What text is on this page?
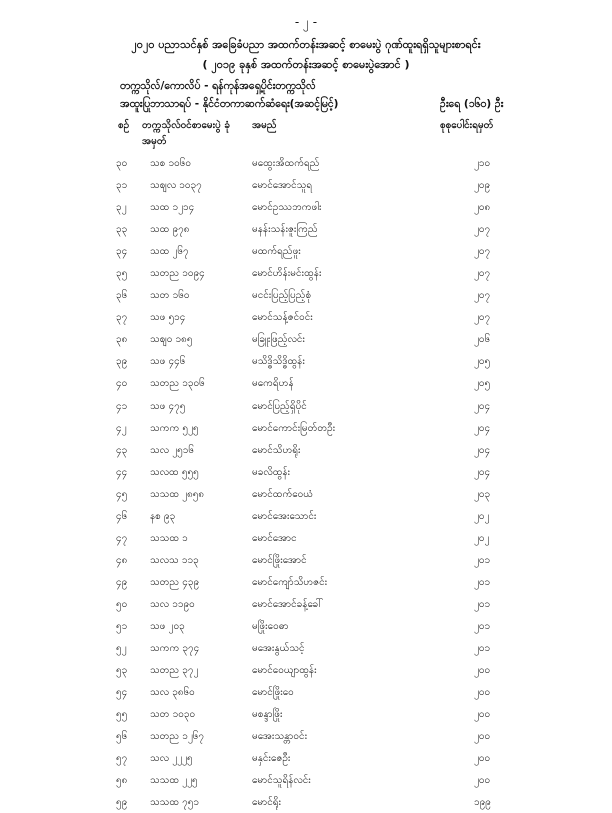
- ၂ -
၂၀၂၀ ပညာသင်နှစ် အခြေခံပညာ အထက်တန်းအဆင့် စာမေးပွဲ ဂုဏ်ထူးရရှိသူများစာရင်း
( ၂၀၁၉ ခုနှစ် အထက်တန်းအဆင့် စာမေးပွဲအောင် )
တက္ကသိုလ်/ကောလိပ် - ရန်ကုန်အရှေ့ပိုင်းတက္ကသိုလ်
အထူးပြုဘာသာရပ် - နိုင်ငံတကာဆက်ဆံရေး(အဆင့်မြင့်)	ဦးရေ (၁၆၀) ဦး
စဉ် တက္ကသိုလ်ဝင်စာမေးပွဲ ခုံအမှတ်
အမည်	စုစုပေါင်းရမှတ်
၃၀ သစ ၁၀၆၀	မထွေးအိထက်ရည်	၂၁၀
၃၁ သဈလ ၁၀၃၇	မောင်အောင်သူရ	၂၀၉
၃၂ သထ ၁၂၁၄	မောင်ဥဿဘကဖါး	၂၀၈
၃၃ သထ ၉၇၈	မနန်းသန်းဇူးကြည်	၂၀၇
၃၄ သထ ၂၆၇	မထက်ရည်ဖူး	၂၀၇
၃၅ သတည ၁၀၉၄	မောင်ဟိန်းမင်းထွန်း	၂၀၇
၃၆ သတ ၁၆၀	မငင်းပြည့်ပြည့်စုံ	၂၀၇
၃၇ သဖ ၅၁၄	မောင်သန့်ဇင်ဝင်း	၂၀၇
၃၈ သဈ၀ ၁၈၅	မခြူးဖြည့်လင်း	၂၀၆
၃၉ သဖ ၄၄၆	မသိဒ္ဓိသိဒ္ဓိထွန်း	၂၀၅
၄၀ သတည ၁၃၀၆	မကေရိဟန်	၂၀၅
၄၁ သဖ ၄၇၅	မောင်ပြည့်ရှိပိုင်	၂၀၄
၄၂ သကက ၅၂၅	မောင်ကောင်းမြတ်တဦး	၂၀၄
၄၃ သလ ၂၅၁၆	မောင်သိဟရိုး	၂၀၄
၄၄ သလထ ၅၅၅	မခလိထွန်း	၂၀၄
၄၅ သသထ ၂၈၅၈	မောင်ထက်ဝေယံ	၂၀၃
၄၆ နစ ၉၃	မောင်အေးသောင်း	၂၀၂
၄၇ သသထ ၁	မောင်အောင	၂၀၂
၄၈ သလသ ၁၁၃	မောင်ဖြိုးအောင်	၂၀၁
၄၉ သတည ၄၃၉	မောင်ကျော်သိဟဇင်း	၂၀၁
၅၀ သလ ၁၁၉၀	မောင်အောင်ခန့်ခေါ်	၂၀၁
၅၁ သဖ ၂၀၃	မဖြိုးဝေဓာ	၂၀၁
၅၂ သကက ၃၇၄	မအေးနွယ်သင့်	၂၀၁
၅၃ သတည ၃၇၂	မောင်ဝေယျာထွန်း	၂၀၀
၅၄ သလ ၃၈၆၀	မောင်ဖြိုးဝေ	၂၀၀
၅၅ သတ ၁၀၃၀	မစန္ဒာဖြိုး	၂၀၀
၅၆ သတည ၁၂၆၇	မအေးသန္တာဝင်း	၂၀၀
၅၇ သလ ၂၂၂၅	မနှင်းဇေဦး	၂၀၀
၅၈ သသထ ၂၂၅	မောင်သူရိန်လင်း	၂၀၀
၅၉ သသထ ၇၅၁	မောင်ရိုး	၁၉၉
